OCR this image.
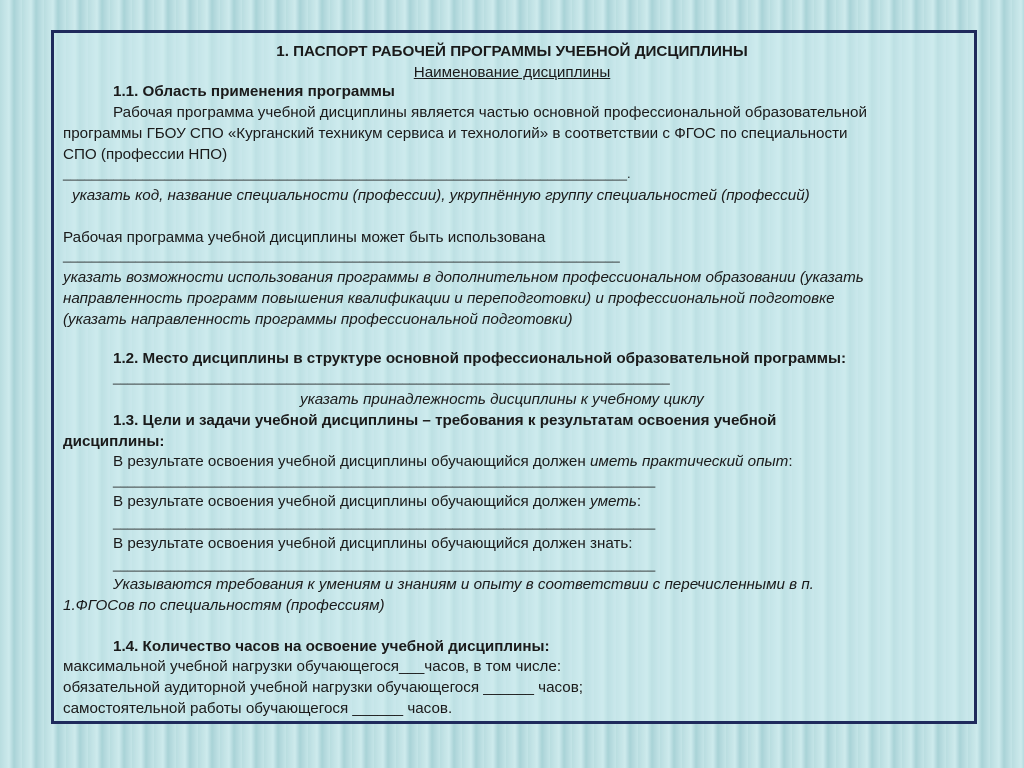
1. ПАСПОРТ РАБОЧЕЙ ПРОГРАММЫ УЧЕБНОЙ ДИСЦИПЛИНЫ
Наименование дисциплины
1.1. Область применения программы
Рабочая программа учебной дисциплины является частью основной профессиональной образовательной
программы ГБОУ СПО «Курганский техникум сервиса и технологий» в соответствии с ФГОС по специальности
СПО (профессии НПО)
______________________________________________________________________________.
указать код, название специальности (профессии), укрупнённую группу специальностей (профессий)
Рабочая программа учебной дисциплины может быть использована
_____________________________________________________________________________
указать возможности использования программы в дополнительном профессиональном образовании (указать
направленность программ повышения квалификации и переподготовки) и профессиональной подготовке
(указать направленность программы профессиональной подготовки)
1.2. Место дисциплины в структуре основной профессиональной образовательной программы:
_____________________________________________________________________________
указать принадлежность дисциплины к учебному циклу
1.3. Цели и задачи учебной дисциплины – требования к результатам освоения учебной
дисциплины:
В результате освоения учебной дисциплины обучающийся должен иметь практический опыт:
___________________________________________________________________________
В результате освоения учебной дисциплины обучающийся должен уметь:
___________________________________________________________________________
В результате освоения учебной дисциплины обучающийся должен знать:
___________________________________________________________________________
Указываются требования к умениям и знаниям и опыту в соответствии с перечисленными в п.
1.ФГОСов по специальностям (профессиям)
1.4. Количество часов на освоение учебной дисциплины:
максимальной учебной нагрузки обучающегося___часов, в том числе:
обязательной аудиторной учебной нагрузки обучающегося ______ часов;
самостоятельной работы обучающегося ______ часов.
